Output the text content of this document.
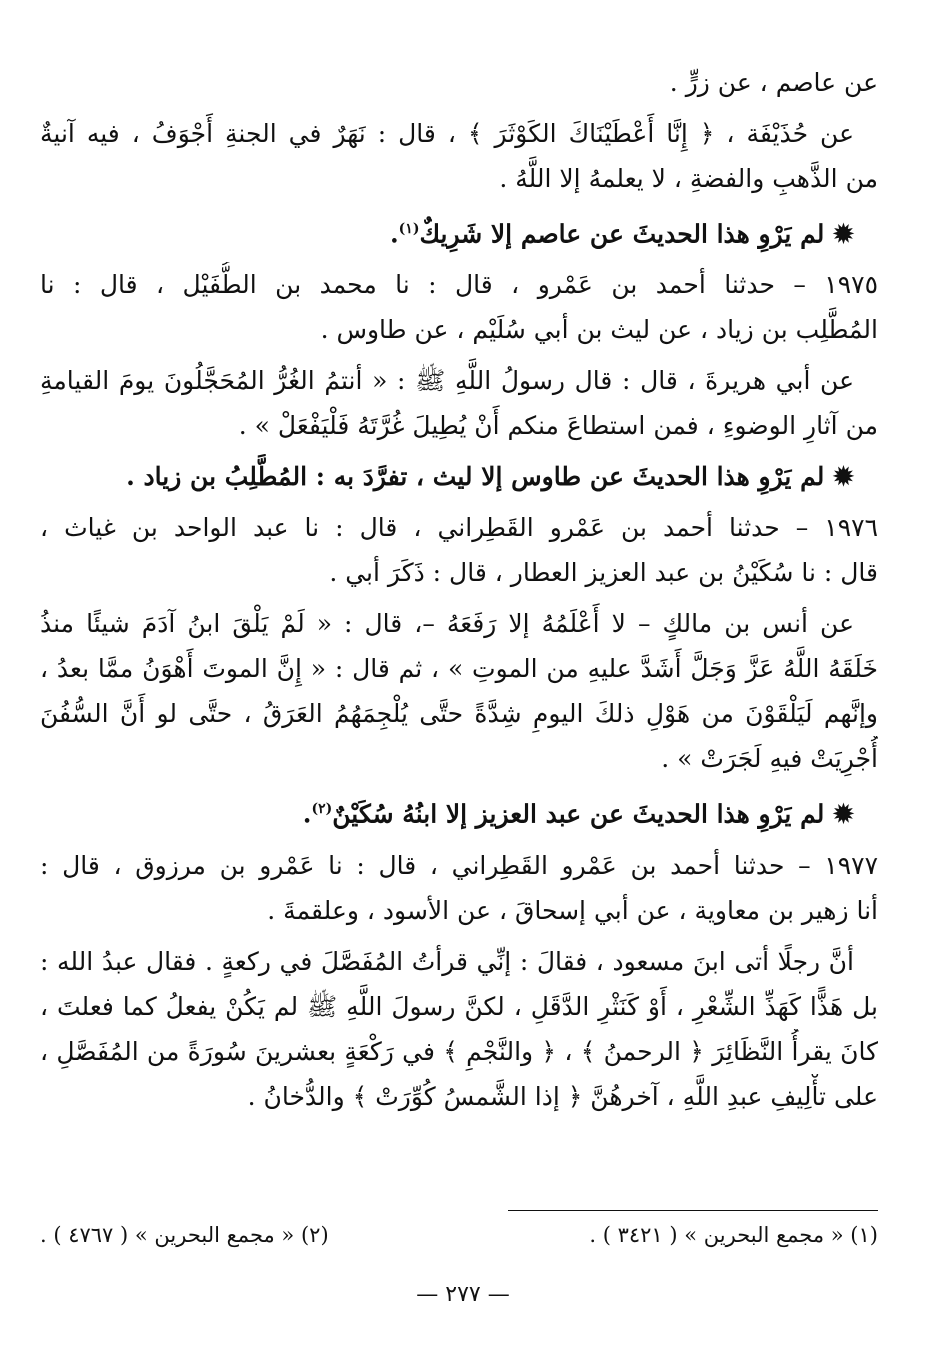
عن عاصم ، عن زرٍّ .
عن حُذَيْفَة ، ﴿ إِنَّا أَعْطَيْنَاكَ الكَوْثَرَ ﴾ ، قال : نَهَرٌ في الجنةِ أَجْوَفُ ، فيه آنيةٌ
من الذَّهبِ والفضةِ ، لا يعلمهُ إلا اللَّهُ .
✹ لم يَرْوِ هذا الحديثَ عن عاصم إلا شَرِيكٌ$^{(١)}$.
١٩٧٥ – حدثنا أحمد بن عَمْرو ، قال : نا محمد بن الطُّفَيْل ، قال : نا
المُطَّلِب بن زياد ، عن ليث بن أبي سُلَيْم ، عن طاوس .
عن أبي هريرةَ ، قال : قال رسولُ اللَّهِ ﷺ : « أنتمُ الغُرُّ المُحَجَّلُونَ يومَ القيامةِ
من آثارِ الوضوءِ ، فمن استطاعَ منكم أَنْ يُطِيلَ غُرَّتَهُ فَلْيَفْعَلْ » .
✹ لم يَرْوِ هذا الحديثَ عن طاوس إلا ليث ، تفرَّدَ به : المُطَّلِبُ بن زياد .
١٩٧٦ – حدثنا أحمد بن عَمْرو القَطِراني ، قال : نا عبد الواحد بن غياث ،
قال : نا سُكَيْنُ بن عبد العزيز العطار ، قال : ذَكَرَ أبي .
عن أنس بن مالكٍ – لا أَعْلَمُهُ إلا رَفَعَهُ –، قال : « لَمْ يَلْقَ ابنُ آدَمَ شيئًا منذُ
خَلَقَهُ اللَّهُ عَزَّ وَجَلَّ أَشَدَّ عليهِ من الموتِ » ، ثم قال : « إِنَّ الموتَ أَهْوَنُ ممَّا بعدُ ،
وإنَّهم لَيَلْقَوْنَ من هَوْلِ ذلكَ اليومِ شِدَّةً حتَّى يُلْجِمَهُمُ العَرَقُ ، حتَّى لو أَنَّ السُّفُنَ
أُجْرِيَتْ فيهِ لَجَرَتْ » .
✹ لم يَرْوِ هذا الحديثَ عن عبد العزيز إلا ابنُهُ سُكَيْنٌ$^{(٢)}$.
١٩٧٧ – حدثنا أحمد بن عَمْرو القَطِراني ، قال : نا عَمْرو بن مرزوق ، قال :
أنا زهير بن معاوية ، عن أبي إسحاقَ ، عن الأسود ، وعلقمةَ .
أنَّ رجلًا أتى ابنَ مسعود ، فقالَ : إنِّي قرأتُ المُفَصَّلَ في ركعةٍ . فقال عبدُ الله :
بل هَذًّا كَهَذِّ الشِّعْرِ ، أَوْ كَنَثْرِ الدَّقَلِ ، لكنَّ رسولَ اللَّهِ ﷺ لم يَكُنْ يفعلُ كما فعلتَ ،
كانَ يقرأُ النَّظَائِرَ ﴿ الرحمنُ ﴾ ، ﴿ والنَّجْمِ ﴾ في رَكْعَةٍ بعشرينَ سُورَةً من المُفَصَّلِ ،
على تأْلِيفِ عبدِ اللَّهِ ، آخرهُنَّ ﴿ إذا الشَّمسُ كُوِّرَتْ ﴾ والدُّخانُ .
(١) « مجمع البحرين » ( ٣٤٢١ ) .
(٢) « مجمع البحرين » ( ٤٧٦٧ ) .
— ٢٧٧ —
